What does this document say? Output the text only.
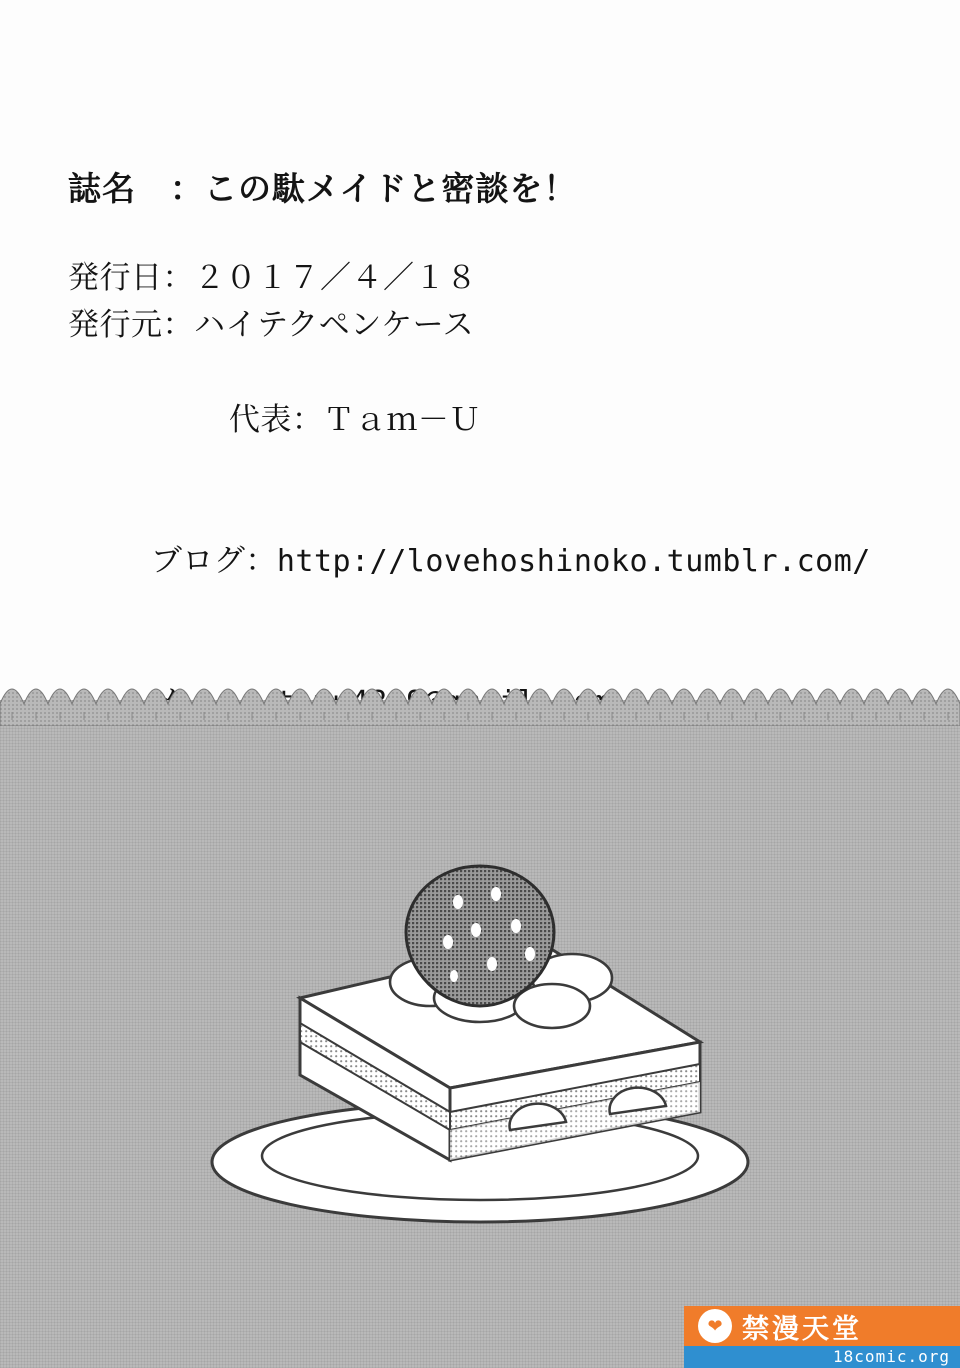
誌名　：この駄メイドと密談を！
発行日：２０１７／４／１８
発行元：ハイテクペンケース

代表：Ｔａｍ－Ｕ

ブログ：http://lovehoshinoko.tumblr.com/

❤ 禁漫天堂
18comic.org
